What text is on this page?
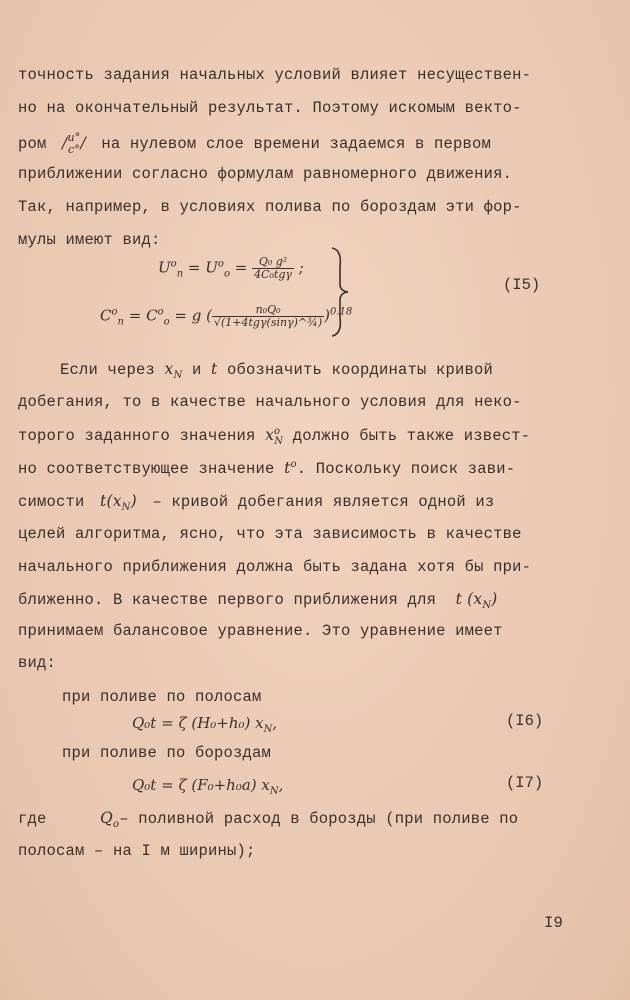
точность задания начальных условий влияет несуществен-
но на окончательный результат. Поэтому искомым векто-
ром / u°
c° / на нулевом слое времени задаемся в первом
приближении согласно формулам равномерного движения.
Так, например, в условиях полива по бороздам эти фор-
мулы имеют вид:
$U^o_n = U^o_o = \frac{\text{Q₀ g²}}{\text{4C₀tgγ}}$ ;
$C^o_n = C^o_o = g$ ( $\frac{\text{n₀Q₀}}{\text{√(1+4tgγ(sinγ)\textasciicircum{}¾)}} )^{0.18}$
(I5)
Если через $x_N$ и t обозначить координаты кривой
добегания, то в качестве начального условия для неко-
торого заданного значения $x^o_N$ должно быть также извест-
но соответствующее значение $t^o$. Поскольку поиск зави-
симости $t(x_N)$ – кривой добегания является одной из
целей алгоритма, ясно, что эта зависимость в качестве
начального приближения должна быть задана хотя бы при-
ближенно. В качестве первого приближения для t $(x_N)$
принимаем балансовое уравнение. Это уравнение имеет
вид:
при поливе по полосам
Q₀t = ζ (H₀+h₀) $x_N$,	(I6)
при поливе по бороздам
Q₀t = ζ (F₀+h₀a) $x_N$,	(I7)
где	$Q_o-$ поливной расход в борозды (при поливе по
полосам – на I м ширины);
I9
